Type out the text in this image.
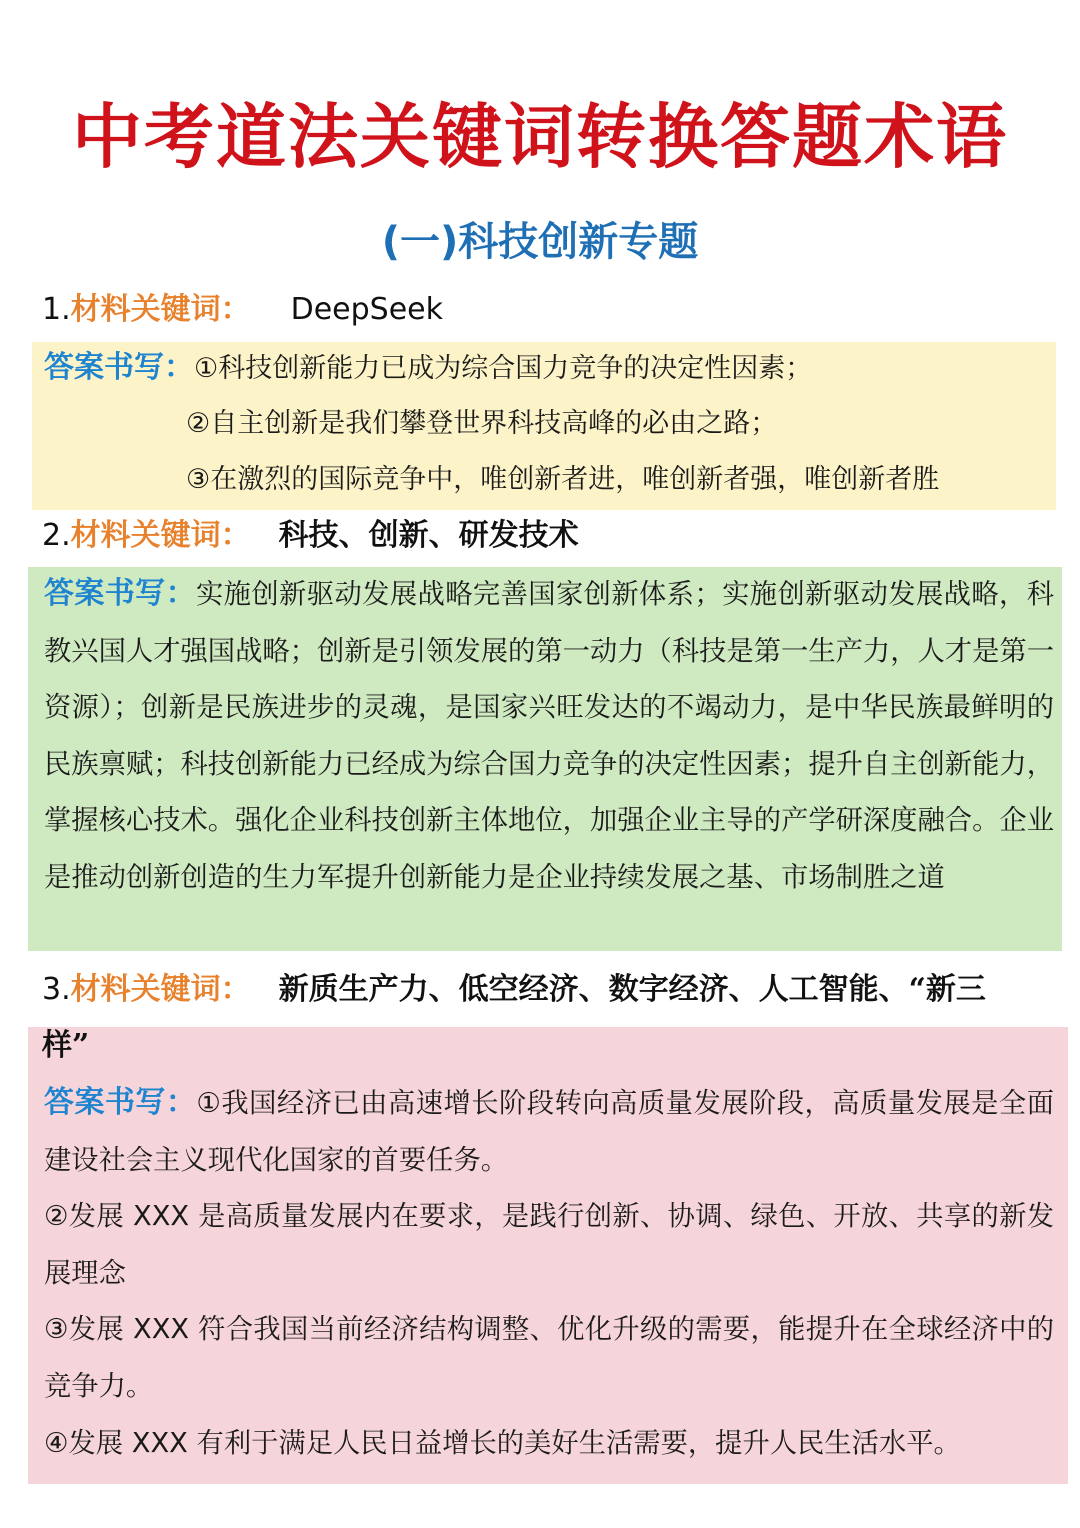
中考道法关键词转换答题术语
(一)科技创新专题
1.材料关键词： DeepSeek
答案书写：①科技创新能力已成为综合国力竞争的决定性因素；
②自主创新是我们攀登世界科技高峰的必由之路；
③在激烈的国际竞争中，唯创新者进，唯创新者强，唯创新者胜
2.材料关键词： 科技、创新、研发技术
答案书写：实施创新驱动发展战略完善国家创新体系；实施创新驱动发展战略，科教兴国人才强国战略；创新是引领发展的第一动力（科技是第一生产力，人才是第一资源）；创新是民族进步的灵魂，是国家兴旺发达的不竭动力，是中华民族最鲜明的民族禀赋；科技创新能力已经成为综合国力竞争的决定性因素；提升自主创新能力，掌握核心技术。强化企业科技创新主体地位，加强企业主导的产学研深度融合。企业是推动创新创造的生力军提升创新能力是企业持续发展之基、市场制胜之道
3.材料关键词： 新质生产力、低空经济、数字经济、人工智能、“新三
样”
答案书写：①我国经济已由高速增长阶段转向高质量发展阶段，高质量发展是全面建设社会主义现代化国家的首要任务。
②发展 XXX 是高质量发展内在要求，是践行创新、协调、绿色、开放、共享的新发展理念
③发展 XXX 符合我国当前经济结构调整、优化升级的需要，能提升在全球经济中的竞争力。
④发展 XXX 有利于满足人民日益增长的美好生活需要，提升人民生活水平。
